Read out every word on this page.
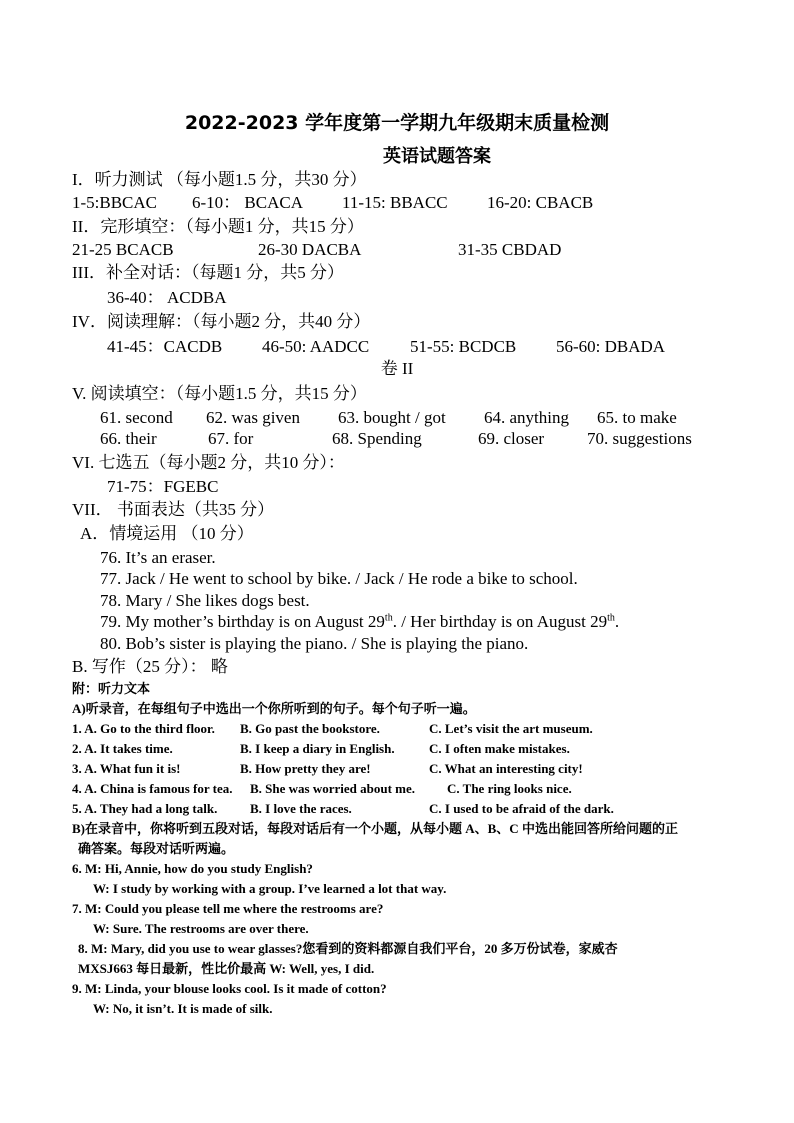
2022-2023 学年度第一学期九年级期末质量检测
英语试题答案
I．听力测试 （每小题1.5 分，共30 分）
1-5:BBCAC 6-10： BCACA 11-15: BBACC 16-20: CBACB
II．完形填空：（每小题1 分，共15 分）
21-25 BCACB	26-30 DACBA	31-35 CBDAD
III．补全对话：（每题1 分，共5 分）
36-40： ACDBA
IV．阅读理解：（每小题2 分，共40 分）
41-45：CACDB 46-50: AADCC 51-55: BCDCB 56-60: DBADA
卷 II
V. 阅读填空：（每小题1.5 分，共15 分）
61. second 62. was given 63. bought / got 64. anything 65. to make
66. their	67. for	68. Spending	69. closer	70. suggestions
VI. 七选五（每小题2 分，共10 分）：
71-75：FGEBC
VII． 书面表达（共35 分）
A．情境运用 （10 分）
76. It’s an eraser.
77. Jack / He went to school by bike. / Jack / He rode a bike to school.
78. Mary / She likes dogs best.
79. My mother’s birthday is on August 29th. / Her birthday is on August 29th.
80. Bob’s sister is playing the piano. / She is playing the piano.
B. 写作（25 分）： 略
附：听力文本
A)听录音，在每组句子中选出一个你所听到的句子。每个句子听一遍。
1. A. Go to the third floor. B. Go past the bookstore.	C. Let’s visit the art museum.
2. A. It takes time.	B. I keep a diary in English.	C. I often make mistakes.
3. A. What fun it is!	B. How pretty they are!	C. What an interesting city!
4. A. China is famous for tea. B. She was worried about me. C. The ring looks nice.
5. A. They had a long talk.	B. I love the races.	C. I used to be afraid of the dark.
B)在录音中，你将听到五段对话，每段对话后有一个小题，从每小题 A、B、C 中选出能回答所给问题的正
确答案。每段对话听两遍。
6. M: Hi, Annie, how do you study English?
W: I study by working with a group. I’ve learned a lot that way.
7. M: Could you please tell me where the restrooms are?
W: Sure. The restrooms are over there.
8. M: Mary, did you use to wear glasses?您看到的资料都源自我们平台，20 多万份试卷，家威杏
MXSJ663 每日最新，性比价最高 W: Well, yes, I did.
9. M: Linda, your blouse looks cool. Is it made of cotton?
W: No, it isn’t. It is made of silk.
